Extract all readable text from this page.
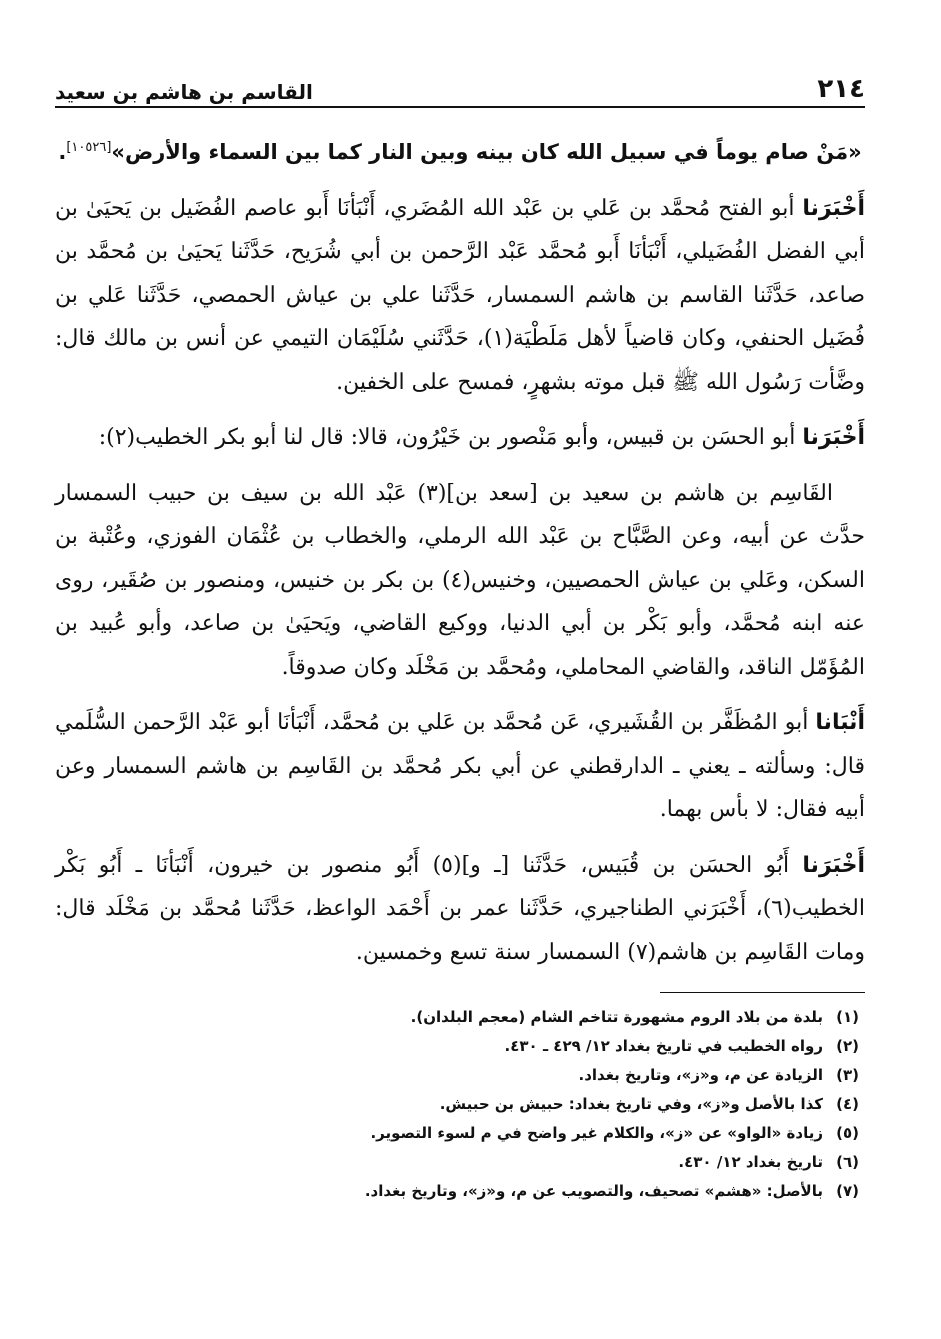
٢١٤
القاسم بن هاشم بن سعيد

«مَنْ صام يوماً في سبيل الله كان بينه وبين النار كما بين السماء والأرض»[١٠٥٢٦].

أَخْبَرَنا أبو الفتح مُحمَّد بن عَلي بن عَبْد الله المُضَري، أَنْبَأنَا أَبو عاصم الفُضَيل بن يَحيَىٰ بن أبي الفضل الفُضَيلي، أَنْبَأنَا أَبو مُحمَّد عَبْد الرَّحمن بن أبي شُرَيح، حَدَّثَنا يَحيَىٰ بن مُحمَّد بن صاعد، حَدَّثَنا القاسم بن هاشم السمسار، حَدَّثَنا علي بن عياش الحمصي، حَدَّثَنا عَلي بن فُضَيل الحنفي، وكان قاضياً لأهل مَلَطْيَة(١)، حَدَّثَني سُلَيْمَان التيمي عن أنس بن مالك قال: وضَّأت رَسُول الله ﷺ قبل موته بشهرٍ، فمسح على الخفين.

أَخْبَرَنا أبو الحسَن بن قبيس، وأبو مَنْصور بن خَيْرُون، قالا: قال لنا أبو بكر الخطيب(٢):

القَاسِم بن هاشم بن سعيد بن [سعد بن](٣) عَبْد الله بن سيف بن حبيب السمسار حدَّث عن أبيه، وعن الصَّبَّاح بن عَبْد الله الرملي، والخطاب بن عُثْمَان الفوزي، وعُتْبة بن السكن، وعَلي بن عياش الحمصيين، وخنيس(٤) بن بكر بن خنيس، ومنصور بن صُقَير، روى عنه ابنه مُحمَّد، وأبو بَكْر بن أبي الدنيا، ووكيع القاضي، ويَحيَىٰ بن صاعد، وأبو عُبيد بن المُؤَمّل الناقد، والقاضي المحاملي، ومُحمَّد بن مَخْلَد وكان صدوقاً.

أَنْبَانا أبو المُظَفَّر بن القُشَيري، عَن مُحمَّد بن عَلي بن مُحمَّد، أَنْبَأنَا أبو عَبْد الرَّحمن السُّلَمي قال: وسألته ـ يعني ـ الدارقطني عن أبي بكر مُحمَّد بن القَاسِم بن هاشم السمسار وعن أبيه فقال: لا بأس بهما.

أَخْبَرَنا أَبُو الحسَن بن قُبَيس، حَدَّثَنا [ـ و](٥) أَبُو منصور بن خيرون، أَنْبَأنَا ـ أَبُو بَكْر الخطيب(٦)، أَخْبَرَني الطناجيري، حَدَّثَنا عمر بن أَحْمَد الواعظ، حَدَّثَنا مُحمَّد بن مَخْلَد قال: ومات القَاسِم بن هاشم(٧) السمسار سنة تسع وخمسين.

(١)
بلدة من بلاد الروم مشهورة تتاخم الشام (معجم البلدان).
(٢)
رواه الخطيب في تاريخ بغداد ١٢/ ٤٢٩ ـ ٤٣٠.
(٣)
الزيادة عن م، و«ز»، وتاريخ بغداد.
(٤)
كذا بالأصل و«ز»، وفي تاريخ بغداد: حبيش بن حبيش.
(٥)
زيادة «الواو» عن «ز»، والكلام غير واضح في م لسوء التصوير.
(٦)
تاريخ بغداد ١٢/ ٤٣٠.
(٧)
بالأصل: «هشم» تصحيف، والتصويب عن م، و«ز»، وتاريخ بغداد.
